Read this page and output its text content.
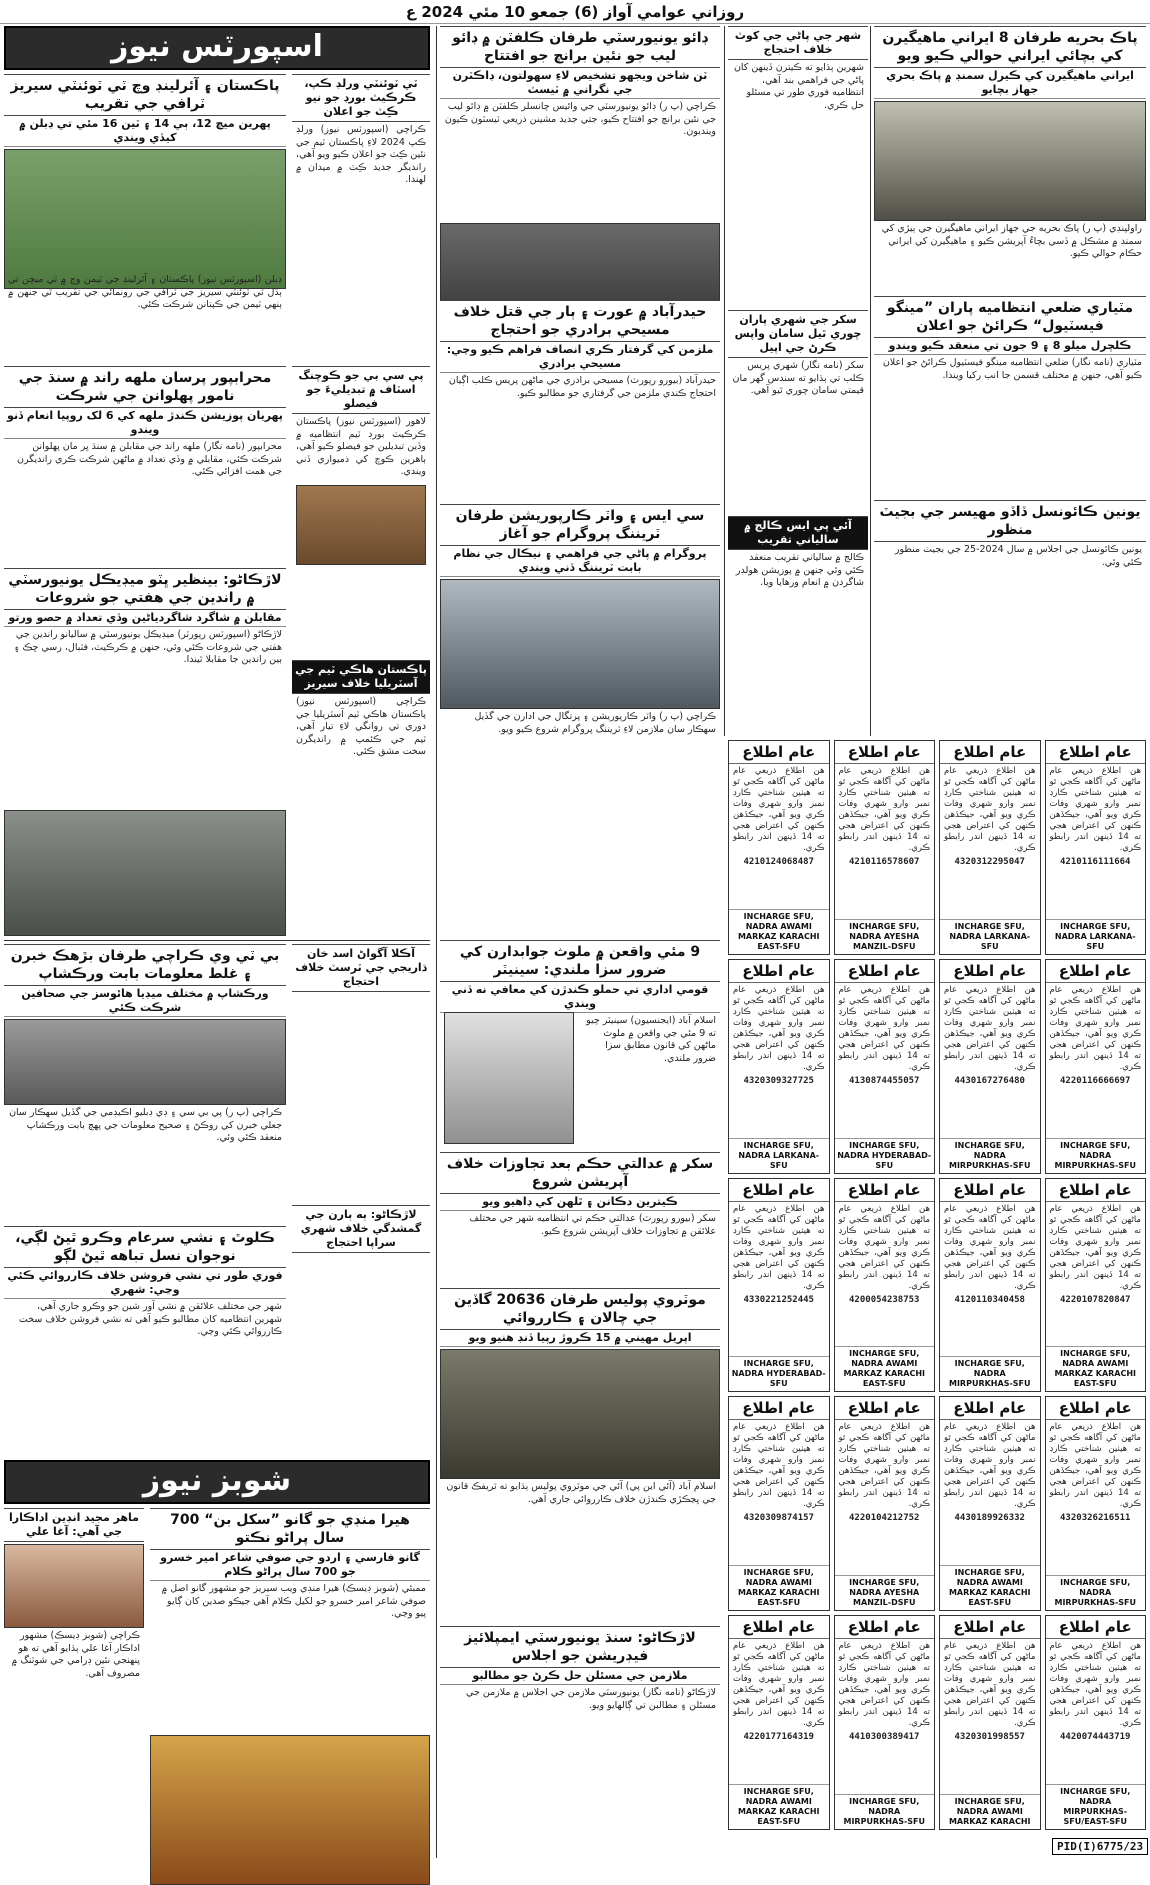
روزاني عوامي آواز (6) جمعو 10 مئي 2024 ع
اسپورٽس نيوز
پاڪستان ۽ آئرلينڊ وچ ٽي ٽوئنٽي سيريز ٽرافي جي تقريب
پهرين ميچ 12، ٻي 14 ۽ ٽين 16 مئي تي ڊبلن ۾ کيڏي ويندي
ٽي ٽوئنٽي ورلڊ ڪپ، ڪرڪيٽ بورڊ جو نيو ڪِٽ جو اعلان
ڪراچي (اسپورٽس نيوز) ورلڊ ڪپ 2024 لاءِ پاڪستان ٽيم جي نئين ڪِٽ جو اعلان ڪيو ويو آهي، رانديگر جديد ڪِٽ ۾ ميدان ۾ لهندا.
ڊبلن (اسپورٽس نيوز) پاڪستان ۽ آئرلينڊ جي ٽيمن وچ ۾ ٽي ميچن تي ٻڌل ٽي ٽوئنٽي سيريز جي ٽرافي جي رونمائي جي تقريب ٿي جنهن ۾ ٻنهي ٽيمن جي ڪپتانن شرڪت ڪئي.
محرابپور پرسان ملهه راند ۾ سنڌ جي نامور پهلوانن جي شرڪت
پهريان پوزيشن ڪندڙ ملهه کي 6 لک روپيا انعام ڏنو ويندو
محرابپور (نامه نگار) ملهه راند جي مقابلن ۾ سنڌ ڀر مان پهلوانن شرڪت ڪئي، مقابلي ۾ وڏي تعداد ۾ ماڻهن شرڪت ڪري رانديگرن جي همت افزائي ڪئي.
پي سي بي جو ڪوچنگ اسٽاف ۾ تبديليءَ جو فيصلو
لاهور (اسپورٽس نيوز) پاڪستان ڪرڪيٽ بورڊ ٽيم انتظاميه ۾ وڏين تبديلين جو فيصلو ڪيو آهي، ٻاهرين ڪوچ کي ذميواري ڏني ويندي.
لاڙڪاڻو: بينظير ڀٽو ميڊيڪل يونيورسٽي ۾ راندين جي هفتي جو شروعات
مقابلن ۾ شاگرد شاگردياڻين وڏي تعداد ۾ حصو ورتو
لاڙڪاڻو (اسپورٽس رپورٽر) ميڊيڪل يونيورسٽي ۾ ساليانو راندين جي هفتي جي شروعات ڪئي وئي، جنهن ۾ ڪرڪيٽ، فٽبال، رسي ڇڪ ۽ ٻين راندين جا مقابلا ٿيندا.
پاڪستان هاڪي ٽيم جي آسٽريليا خلاف سيريز
ڪراچي (اسپورٽس نيوز) پاڪستان هاڪي ٽيم آسٽريليا جي دوري تي روانگي لاءِ تيار آهي، ٽيم جي ڪئمپ ۾ رانديگرن سخت مشق ڪئي.
بي ٽي وي ڪراچي طرفان بڙهڪ خبرن ۽ غلط معلومات بابت ورڪشاپ
ورڪشاپ ۾ مختلف ميڊيا هائوسز جي صحافين شرڪت ڪئي
ڪراچي (پ ر) پي بي سي ۽ ڊي ڊبليو اڪيڊمي جي گڏيل سهڪار سان جعلي خبرن کي روڪڻ ۽ صحيح معلومات جي پهچ بابت ورڪشاپ منعقد ڪئي وئي.
آڪلا آگواڻ اسد خان ڌاريجي جي ٽرسٽ خلاف احتجاج
لاڙڪاڻو: ٻه ٻارن جي گمشدگي خلاف شهري سراپا احتجاج
ڪلوٿ ۽ نشي سرعام وڪرو ٿيڻ لڳي، نوجوان نسل تباهه ٿيڻ لڳو
فوري طور تي نشي فروشن خلاف ڪارروائي ڪئي وڃي: شهري
شهر جي مختلف علائقن ۾ نشي آور شين جو وڪرو جاري آهي، شهرين انتظاميه کان مطالبو ڪيو آهي ته نشي فروشن خلاف سخت ڪارروائي ڪئي وڃي.
شوبز نيوز
هيرا منڊي جو گانو ”سکل بن“ 700 سال پراڻو نڪتو
گانو فارسي ۽ اردو جي صوفي شاعر امير خسرو جو 700 سال پراڻو ڪلام
ممبئي (شوبز ڊيسڪ) هيرا منڊي ويب سيريز جو مشهور گانو اصل ۾ صوفي شاعر امير خسرو جو لکيل ڪلام آهي جيڪو صدين کان ڳايو پيو وڃي.
ماهر مجيد انڊين اداڪارا جي آهي: آغا علي
ڪراچي (شوبز ڊيسڪ) مشهور اداڪار آغا علي ٻڌايو آهي ته هو پنهنجي نئين ڊرامي جي شوٽنگ ۾ مصروف آهي.
ڊائو يونيورسٽي طرفان ڪلفٽن ۾ ڊائو ليب جو نئين برانچ جو افتتاح
ٽن شاخن ويجهو تشخيص لاءِ سهولتون، ڊاڪٽرن جي نگراني ۾ ٽيسٽ
ڪراچي (پ ر) ڊائو يونيورسٽي جي وائيس چانسلر ڪلفٽن ۾ ڊائو ليب جي نئين برانچ جو افتتاح ڪيو، جتي جديد مشينن ذريعي ٽيسٽون ڪيون وينديون.
حيدرآباد ۾ عورت ۽ ٻار جي قتل خلاف مسيحي برادري جو احتجاج
ملزمن کي گرفتار ڪري انصاف فراهم ڪيو وڃي: مسيحي برادري
حيدرآباد (بيورو رپورٽ) مسيحي برادري جي ماڻهن پريس ڪلب اڳيان احتجاج ڪندي ملزمن جي گرفتاري جو مطالبو ڪيو.
سي ايس ۽ واٽر ڪارپوريشن طرفان ٽريننگ پروگرام جو آغاز
پروگرام ۾ پاڻي جي فراهمي ۽ نيڪال جي نظام بابت ٽريننگ ڏني ويندي
ڪراچي (پ ر) واٽر ڪارپوريشن ۽ پرتگال جي ادارن جي گڏيل سهڪار سان ملازمن لاءِ ٽريننگ پروگرام شروع ڪيو ويو.
9 مئي واقعن ۾ ملوث جوابدارن کي ضرور سزا ملندي: سينيٽر
قومي اداري تي حملو ڪندڙن کي معافي نه ڏني ويندي
اسلام آباد (ايجنسيون) سينيٽر چيو ته 9 مئي جي واقعن ۾ ملوث ماڻهن کي قانون مطابق سزا ضرور ملندي.
سکر ۾ عدالتي حڪم بعد تجاوزات خلاف آپريشن شروع
ڪيترين دڪانن ۽ ٿلهن کي ڊاهيو ويو
سکر (بيورو رپورٽ) عدالتي حڪم تي انتظاميه شهر جي مختلف علائقن ۾ تجاوزات خلاف آپريشن شروع ڪيو.
موٽروي پوليس طرفان 20636 گاڏين جي چالان ۽ ڪارروائي
اپريل مهيني ۾ 15 ڪروڙ رپيا ڏنڊ هنيو ويو
اسلام آباد (آئي اين پي) آئي جي موٽروي پوليس ٻڌايو ته ٽريفڪ قانون جي ڀڃڪڙي ڪندڙن خلاف ڪارروائي جاري آهي.
لاڙڪاڻو: سنڌ يونيورسٽي ايمپلائيز فيڊريشن جو اجلاس
ملازمن جي مسئلن حل ڪرڻ جو مطالبو
لاڙڪاڻو (نامه نگار) يونيورسٽي ملازمن جي اجلاس ۾ ملازمن جي مسئلن ۽ مطالبن تي ڳالهايو ويو.
شهر جي پاڻي جي کوٽ خلاف احتجاج
شهرين ٻڌايو ته ڪيترن ڏينهن کان پاڻي جي فراهمي بند آهي، انتظاميه فوري طور تي مسئلو حل ڪري.
سکر جي شهري پاران چوري ٿيل سامان واپس ڪرڻ جي اپيل
سکر (نامه نگار) شهري پريس ڪلب تي ٻڌايو ته سندس گهر مان قيمتي سامان چوري ٿيو آهي.
آئي پي ايس ڪالج ۾ سالياني تقريب
ڪالج ۾ سالياني تقريب منعقد ڪئي وئي جنهن ۾ پوزيشن هولڊر شاگردن ۾ انعام ورهايا ويا.
پاڪ بحريه طرفان 8 ايراني ماهيگيرن کي بچائي ايراني حوالي ڪيو ويو
ايراني ماهيگيرن کي ڪيرل سمنڊ ۾ پاڪ بحري جهاز بچايو
راولپنڊي (پ ر) پاڪ بحريه جي جهاز ايراني ماهيگيرن جي ٻيڙي کي سمنڊ ۾ مشڪل ۾ ڏسي بچاءُ آپريشن ڪيو ۽ ماهيگيرن کي ايراني حڪام حوالي ڪيو.
مٽياري ضلعي انتظاميه پاران ”مينگو فيسٽيول“ ڪرائڻ جو اعلان
ڪلچرل ميلو 8 ۽ 9 جون تي منعقد ڪيو ويندو
مٽياري (نامه نگار) ضلعي انتظاميه مينگو فيسٽيول ڪرائڻ جو اعلان ڪيو آهي، جنهن ۾ مختلف قسمن جا انب رکيا ويندا.
يونين ڪائونسل ڏاڏو مهيسر جي بجيٽ منظور
يونين ڪائونسل جي اجلاس ۾ سال 2024-25 جي بجيٽ منظور ڪئي وئي.
عام اطلاع
هن اطلاع ذريعي عام ماڻهن کي آگاهه ڪجي ٿو ته هيٺين شناختي ڪارڊ نمبر وارو شهري وفات ڪري ويو آهي، جيڪڏهن ڪنهن کي اعتراض هجي ته 14 ڏينهن اندر رابطو ڪري.
4210116111664
INCHARGE SFU, NADRA LARKANA-SFU
عام اطلاع
هن اطلاع ذريعي عام ماڻهن کي آگاهه ڪجي ٿو ته هيٺين شناختي ڪارڊ نمبر وارو شهري وفات ڪري ويو آهي، جيڪڏهن ڪنهن کي اعتراض هجي ته 14 ڏينهن اندر رابطو ڪري.
4320312295047
INCHARGE SFU, NADRA LARKANA-SFU
عام اطلاع
هن اطلاع ذريعي عام ماڻهن کي آگاهه ڪجي ٿو ته هيٺين شناختي ڪارڊ نمبر وارو شهري وفات ڪري ويو آهي، جيڪڏهن ڪنهن کي اعتراض هجي ته 14 ڏينهن اندر رابطو ڪري.
4210116578607
INCHARGE SFU, NADRA AYESHA MANZIL-DSFU
عام اطلاع
هن اطلاع ذريعي عام ماڻهن کي آگاهه ڪجي ٿو ته هيٺين شناختي ڪارڊ نمبر وارو شهري وفات ڪري ويو آهي، جيڪڏهن ڪنهن کي اعتراض هجي ته 14 ڏينهن اندر رابطو ڪري.
4210124068487
INCHARGE SFU, NADRA AWAMI MARKAZ KARACHI EAST-SFU
عام اطلاع
هن اطلاع ذريعي عام ماڻهن کي آگاهه ڪجي ٿو ته هيٺين شناختي ڪارڊ نمبر وارو شهري وفات ڪري ويو آهي، جيڪڏهن ڪنهن کي اعتراض هجي ته 14 ڏينهن اندر رابطو ڪري.
4220116666697
INCHARGE SFU, NADRA MIRPURKHAS-SFU
عام اطلاع
هن اطلاع ذريعي عام ماڻهن کي آگاهه ڪجي ٿو ته هيٺين شناختي ڪارڊ نمبر وارو شهري وفات ڪري ويو آهي، جيڪڏهن ڪنهن کي اعتراض هجي ته 14 ڏينهن اندر رابطو ڪري.
4430167276480
INCHARGE SFU, NADRA MIRPURKHAS-SFU
عام اطلاع
هن اطلاع ذريعي عام ماڻهن کي آگاهه ڪجي ٿو ته هيٺين شناختي ڪارڊ نمبر وارو شهري وفات ڪري ويو آهي، جيڪڏهن ڪنهن کي اعتراض هجي ته 14 ڏينهن اندر رابطو ڪري.
4130874455057
INCHARGE SFU, NADRA HYDERABAD-SFU
عام اطلاع
هن اطلاع ذريعي عام ماڻهن کي آگاهه ڪجي ٿو ته هيٺين شناختي ڪارڊ نمبر وارو شهري وفات ڪري ويو آهي، جيڪڏهن ڪنهن کي اعتراض هجي ته 14 ڏينهن اندر رابطو ڪري.
4320309327725
INCHARGE SFU, NADRA LARKANA-SFU
عام اطلاع
هن اطلاع ذريعي عام ماڻهن کي آگاهه ڪجي ٿو ته هيٺين شناختي ڪارڊ نمبر وارو شهري وفات ڪري ويو آهي، جيڪڏهن ڪنهن کي اعتراض هجي ته 14 ڏينهن اندر رابطو ڪري.
4220107820847
INCHARGE SFU, NADRA AWAMI MARKAZ KARACHI EAST-SFU
عام اطلاع
هن اطلاع ذريعي عام ماڻهن کي آگاهه ڪجي ٿو ته هيٺين شناختي ڪارڊ نمبر وارو شهري وفات ڪري ويو آهي، جيڪڏهن ڪنهن کي اعتراض هجي ته 14 ڏينهن اندر رابطو ڪري.
4120110340458
INCHARGE SFU, NADRA MIRPURKHAS-SFU
عام اطلاع
هن اطلاع ذريعي عام ماڻهن کي آگاهه ڪجي ٿو ته هيٺين شناختي ڪارڊ نمبر وارو شهري وفات ڪري ويو آهي، جيڪڏهن ڪنهن کي اعتراض هجي ته 14 ڏينهن اندر رابطو ڪري.
4200054238753
INCHARGE SFU, NADRA AWAMI MARKAZ KARACHI EAST-SFU
عام اطلاع
هن اطلاع ذريعي عام ماڻهن کي آگاهه ڪجي ٿو ته هيٺين شناختي ڪارڊ نمبر وارو شهري وفات ڪري ويو آهي، جيڪڏهن ڪنهن کي اعتراض هجي ته 14 ڏينهن اندر رابطو ڪري.
4330221252445
INCHARGE SFU, NADRA HYDERABAD-SFU
عام اطلاع
هن اطلاع ذريعي عام ماڻهن کي آگاهه ڪجي ٿو ته هيٺين شناختي ڪارڊ نمبر وارو شهري وفات ڪري ويو آهي، جيڪڏهن ڪنهن کي اعتراض هجي ته 14 ڏينهن اندر رابطو ڪري.
4320326216511
INCHARGE SFU, NADRA MIRPURKHAS-SFU
عام اطلاع
هن اطلاع ذريعي عام ماڻهن کي آگاهه ڪجي ٿو ته هيٺين شناختي ڪارڊ نمبر وارو شهري وفات ڪري ويو آهي، جيڪڏهن ڪنهن کي اعتراض هجي ته 14 ڏينهن اندر رابطو ڪري.
4430189926332
INCHARGE SFU, NADRA AWAMI MARKAZ KARACHI EAST-SFU
عام اطلاع
هن اطلاع ذريعي عام ماڻهن کي آگاهه ڪجي ٿو ته هيٺين شناختي ڪارڊ نمبر وارو شهري وفات ڪري ويو آهي، جيڪڏهن ڪنهن کي اعتراض هجي ته 14 ڏينهن اندر رابطو ڪري.
4220104212752
INCHARGE SFU, NADRA AYESHA MANZIL-DSFU
عام اطلاع
هن اطلاع ذريعي عام ماڻهن کي آگاهه ڪجي ٿو ته هيٺين شناختي ڪارڊ نمبر وارو شهري وفات ڪري ويو آهي، جيڪڏهن ڪنهن کي اعتراض هجي ته 14 ڏينهن اندر رابطو ڪري.
4320309874157
INCHARGE SFU, NADRA AWAMI MARKAZ KARACHI EAST-SFU
عام اطلاع
هن اطلاع ذريعي عام ماڻهن کي آگاهه ڪجي ٿو ته هيٺين شناختي ڪارڊ نمبر وارو شهري وفات ڪري ويو آهي، جيڪڏهن ڪنهن کي اعتراض هجي ته 14 ڏينهن اندر رابطو ڪري.
4420074443719
INCHARGE SFU, NADRA MIRPURKHAS-SFU/EAST-SFU
عام اطلاع
هن اطلاع ذريعي عام ماڻهن کي آگاهه ڪجي ٿو ته هيٺين شناختي ڪارڊ نمبر وارو شهري وفات ڪري ويو آهي، جيڪڏهن ڪنهن کي اعتراض هجي ته 14 ڏينهن اندر رابطو ڪري.
4320301998557
INCHARGE SFU, NADRA AWAMI MARKAZ KARACHI
عام اطلاع
هن اطلاع ذريعي عام ماڻهن کي آگاهه ڪجي ٿو ته هيٺين شناختي ڪارڊ نمبر وارو شهري وفات ڪري ويو آهي، جيڪڏهن ڪنهن کي اعتراض هجي ته 14 ڏينهن اندر رابطو ڪري.
4410300389417
INCHARGE SFU, NADRA MIRPURKHAS-SFU
عام اطلاع
هن اطلاع ذريعي عام ماڻهن کي آگاهه ڪجي ٿو ته هيٺين شناختي ڪارڊ نمبر وارو شهري وفات ڪري ويو آهي، جيڪڏهن ڪنهن کي اعتراض هجي ته 14 ڏينهن اندر رابطو ڪري.
4220177164319
INCHARGE SFU, NADRA AWAMI MARKAZ KARACHI EAST-SFU
PID(I)6775/23
